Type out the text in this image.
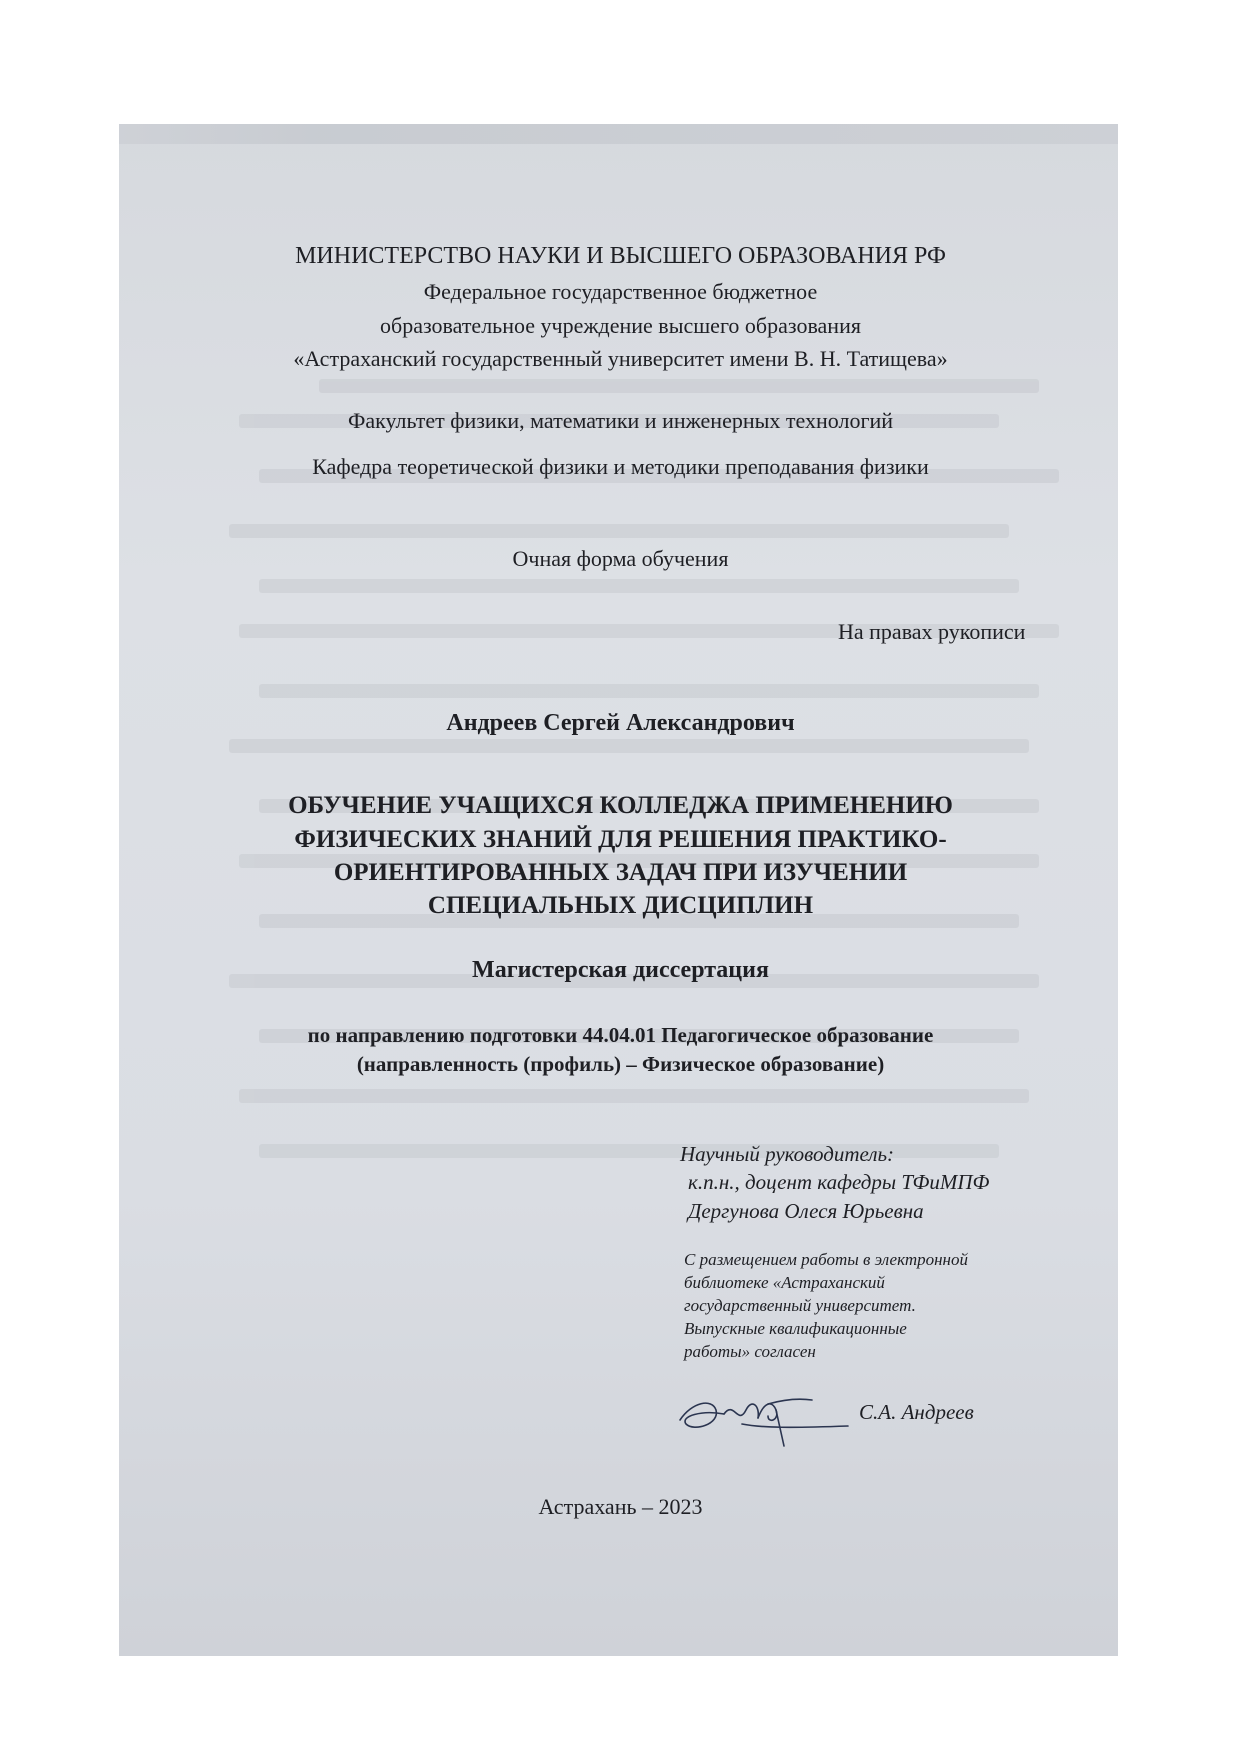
МИНИСТЕРСТВО НАУКИ И ВЫСШЕГО ОБРАЗОВАНИЯ РФ
Федеральное государственное бюджетное
образовательное учреждение высшего образования
«Астраханский государственный университет имени В. Н. Татищева»
Факультет физики, математики и инженерных технологий
Кафедра теоретической физики и методики преподавания физики
Очная форма обучения
На правах рукописи
Андреев Сергей Александрович
ОБУЧЕНИЕ УЧАЩИХСЯ КОЛЛЕДЖА ПРИМЕНЕНИЮ
ФИЗИЧЕСКИХ ЗНАНИЙ ДЛЯ РЕШЕНИЯ ПРАКТИКО-
ОРИЕНТИРОВАННЫХ ЗАДАЧ ПРИ ИЗУЧЕНИИ
СПЕЦИАЛЬНЫХ ДИСЦИПЛИН
Магистерская диссертация
по направлению подготовки 44.04.01 Педагогическое образование
(направленность (профиль) – Физическое образование)
Научный руководитель:
к.п.н., доцент кафедры ТФиМПФ
Дергунова Олеся Юрьевна
С размещением работы в электронной
библиотеке «Астраханский
государственный университет.
Выпускные квалификационные
работы» согласен
С.А. Андреев
Астрахань – 2023
